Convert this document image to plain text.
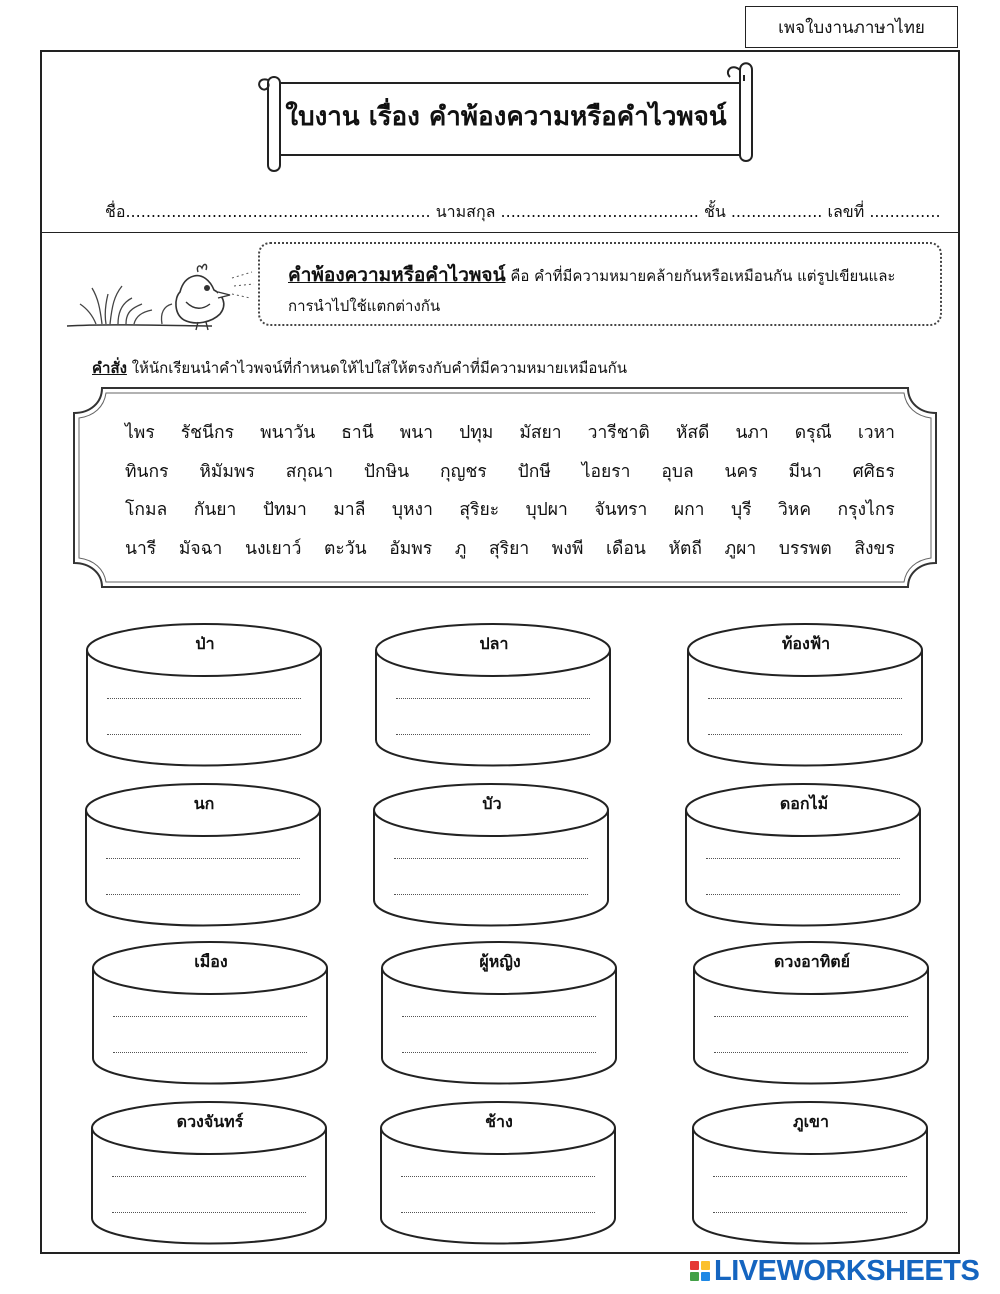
เพจใบงานภาษาไทย
ใบงาน เรื่อง คำพ้องความหรือคำไวพจน์
ชื่อ............................................................ นามสกุล ....................................... ชั้น .................. เลขที่ ..............
คำพ้องความหรือคำไวพจน์ คือ คำที่มีความหมายคล้ายกันหรือเหมือนกัน แต่รูปเขียนและการนำไปใช้แตกต่างกัน
คำสั่ง ให้นักเรียนนำคำไวพจน์ที่กำหนดให้ไปใส่ให้ตรงกับคำที่มีความหมายเหมือนกัน
ไพร รัชนีกร พนาวัน ธานี พนา ปทุม มัสยา วารีชาติ หัสดี นภา ดรุณี เวหา
ทินกร หิมัมพร สกุณา ปักษิน กุญชร ปักษี ไอยรา อุบล นคร มีนา ศศิธร
โกมล กันยา ปัทมา มาลี บุหงา สุริยะ บุปผา จันทรา ผกา บุรี วิหค กรุงไกร
นารี มัจฉา นงเยาว์ ตะวัน อัมพร ภู สุริยา พงพี เดือน หัตถี ภูผา บรรพต สิงขร
ป่า	ปลา	ท้องฟ้า
นก	บัว	ดอกไม้
เมือง	ผู้หญิง	ดวงอาทิตย์
ดวงจันทร์	ช้าง	ภูเขา
LIVEWORKSHEETS
